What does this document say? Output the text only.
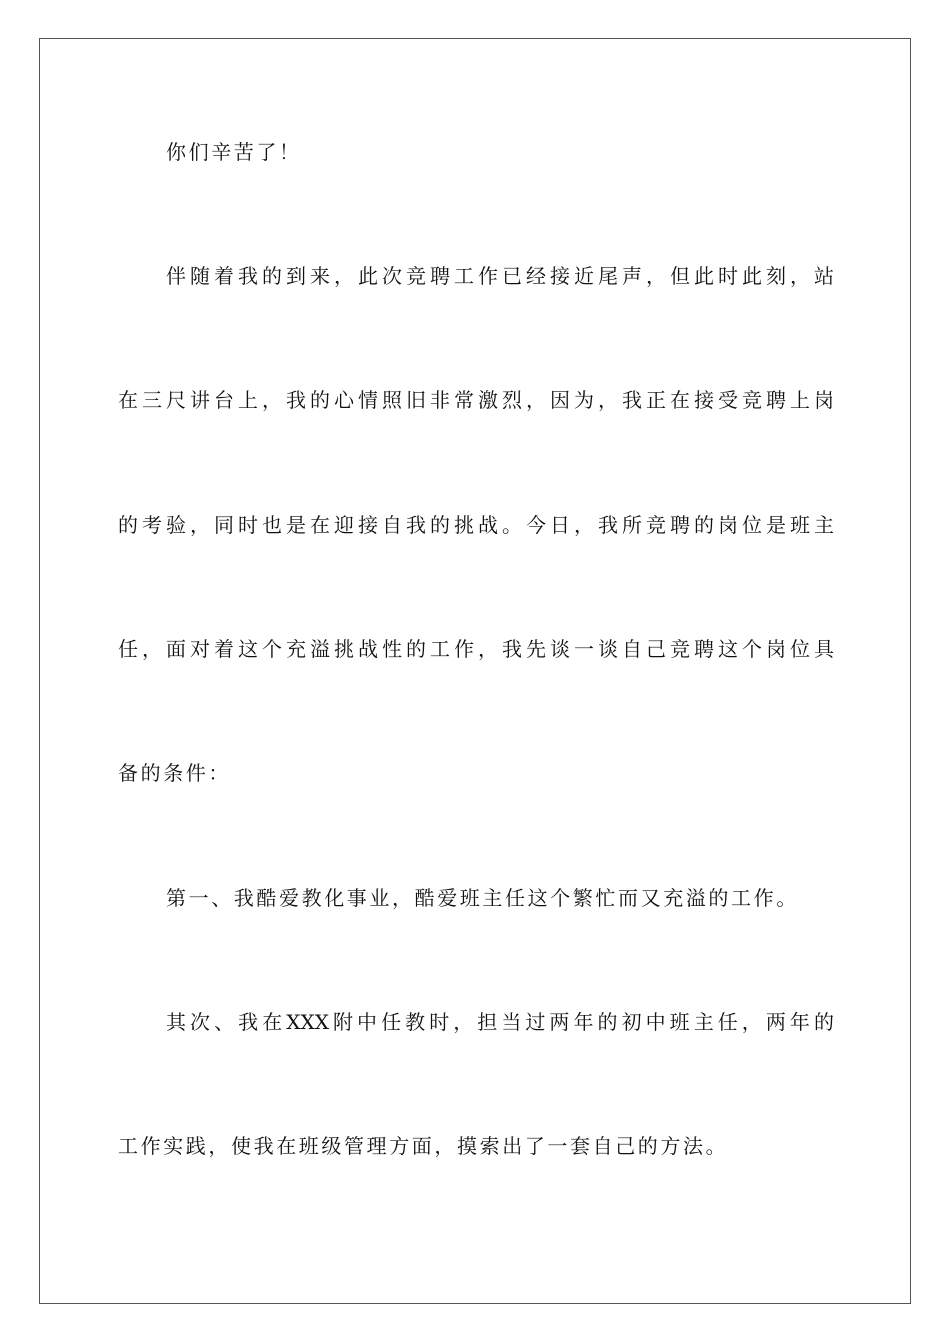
你们辛苦了！
伴 随 着 我 的 到 来 ， 此 次 竞 聘 工 作 已 经 接 近 尾 声 ， 但 此 时 此 刻 ， 站
在 三 尺 讲 台 上 ， 我 的 心 情 照 旧 非 常 激 烈 ， 因 为 ， 我 正 在 接 受 竞 聘 上 岗
的 考 验 ， 同 时 也 是 在 迎 接 自 我 的 挑 战 。 今 日 ， 我 所 竞 聘 的 岗 位 是 班 主
任 ， 面 对 着 这 个 充 溢 挑 战 性 的 工 作 ， 我 先 谈 一 谈 自 己 竞 聘 这 个 岗 位 具
备的条件：
第一、我酷爱教化事业，酷爱班主任这个繁忙而又充溢的工作。
其 次 、 我 在 XXX 附 中 任 教 时 ， 担 当 过 两 年 的 初 中 班 主 任 ， 两 年 的
工作实践，使我在班级管理方面，摸索出了一套自己的方法。
